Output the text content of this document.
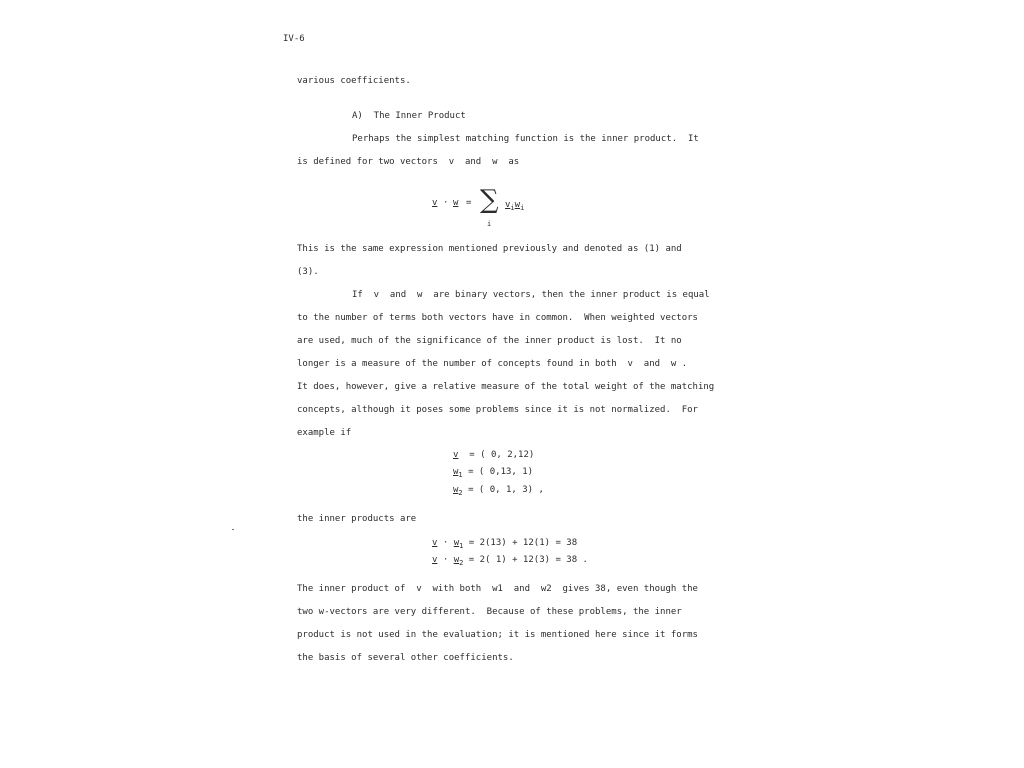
IV-6
various coefficients.
A)  The Inner Product
Perhaps the simplest matching function is the inner product.  It
is defined for two vectors  v  and  w  as
v · w = ∑
i
$v_iw_i$
This is the same expression mentioned previously and denoted as (1) and
(3).
If  v  and  w  are binary vectors, then the inner product is equal
to the number of terms both vectors have in common.  When weighted vectors
are used, much of the significance of the inner product is lost.  It no
longer is a measure of the number of concepts found in both  v  and  w .
It does, however, give a relative measure of the total weight of the matching
concepts, although it poses some problems since it is not normalized.  For
example if
v = ( 0, 2,12)
$w_1$ = ( 0,13, 1)
$w_2$ = ( 0, 1, 3) ,
the inner products are
$v \cdot w_1 = 2(13) + 12(1) = 38$
$v \cdot w_2 = 2$( 1) + 12(3) = 38 .
The inner product of  v  with both  w1  and  w2  gives 38, even though the
two w-vectors are very different.  Because of these problems, the inner
product is not used in the evaluation; it is mentioned here since it forms
the basis of several other coefficients.
